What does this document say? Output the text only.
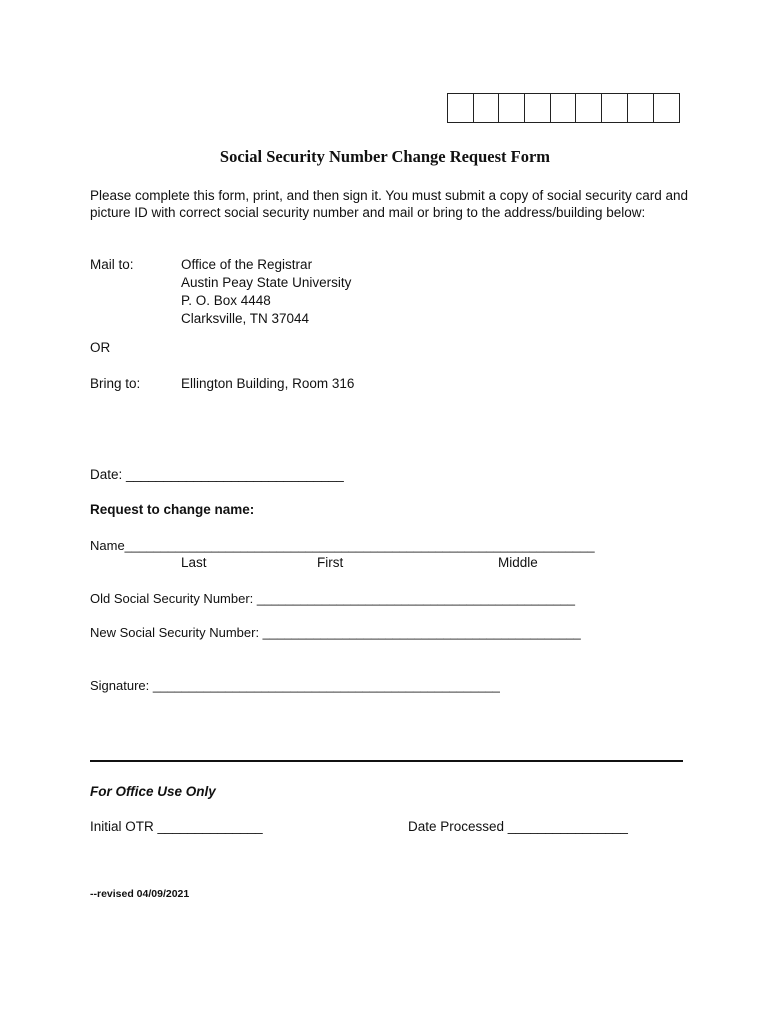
Social Security Number Change Request Form
Please complete this form, print, and then sign it. You must submit a copy of social security card and picture ID with correct social security number and mail or bring to the address/building below:
Mail to:	Office of the Registrar
Austin Peay State University
P. O. Box 4448
Clarksville, TN 37044
OR
Bring to:	Ellington Building, Room 316
Date: _____________________________
Request to change name:
Name_________________________________________________________________
Last	First	Middle
Old Social Security Number: ____________________________________________
New Social Security Number: ____________________________________________
Signature: ________________________________________________
For Office Use Only
Initial OTR ______________	Date Processed ________________
--revised 04/09/2021
